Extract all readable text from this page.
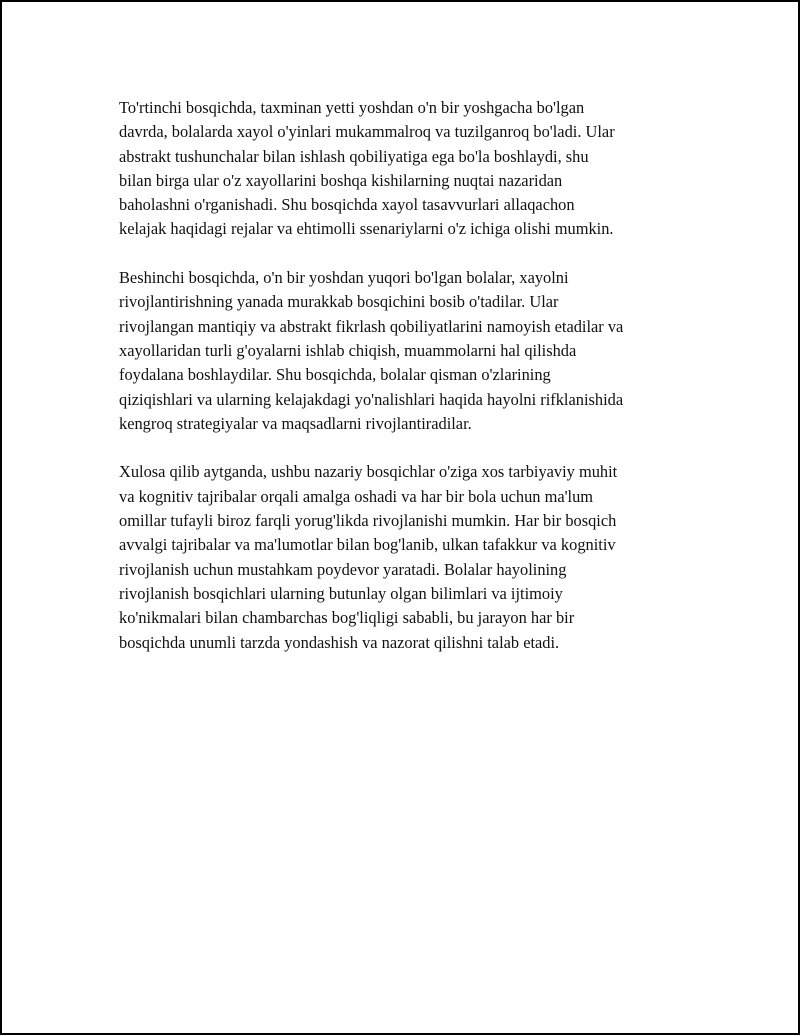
To'rtinchi bosqichda, taxminan yetti yoshdan o'n bir yoshgacha bo'lgan
davrda, bolalarda xayol o'yinlari mukammalroq va tuzilganroq bo'ladi. Ular
abstrakt tushunchalar bilan ishlash qobiliyatiga ega bo'la boshlaydi, shu
bilan birga ular o'z xayollarini boshqa kishilarning nuqtai nazaridan
baholashni o'rganishadi. Shu bosqichda xayol tasavvurlari allaqachon
kelajak haqidagi rejalar va ehtimolli ssenariylarni o'z ichiga olishi mumkin.

Beshinchi bosqichda, o'n bir yoshdan yuqori bo'lgan bolalar, xayolni
rivojlantirishning yanada murakkab bosqichini bosib o'tadilar. Ular
rivojlangan mantiqiy va abstrakt fikrlash qobiliyatlarini namoyish etadilar va
xayollaridan turli g'oyalarni ishlab chiqish, muammolarni hal qilishda
foydalana boshlaydilar. Shu bosqichda, bolalar qisman o'zlarining
qiziqishlari va ularning kelajakdagi yo'nalishlari haqida hayolni rifklanishida
kengroq strategiyalar va maqsadlarni rivojlantiradilar.

Xulosa qilib aytganda, ushbu nazariy bosqichlar o'ziga xos tarbiyaviy muhit
va kognitiv tajribalar orqali amalga oshadi va har bir bola uchun ma'lum
omillar tufayli biroz farqli yorug'likda rivojlanishi mumkin. Har bir bosqich
avvalgi tajribalar va ma'lumotlar bilan bog'lanib, ulkan tafakkur va kognitiv
rivojlanish uchun mustahkam poydevor yaratadi. Bolalar hayolining
rivojlanish bosqichlari ularning butunlay olgan bilimlari va ijtimoiy
ko'nikmalari bilan chambarchas bog'liqligi sababli, bu jarayon har bir
bosqichda unumli tarzda yondashish va nazorat qilishni talab etadi.
